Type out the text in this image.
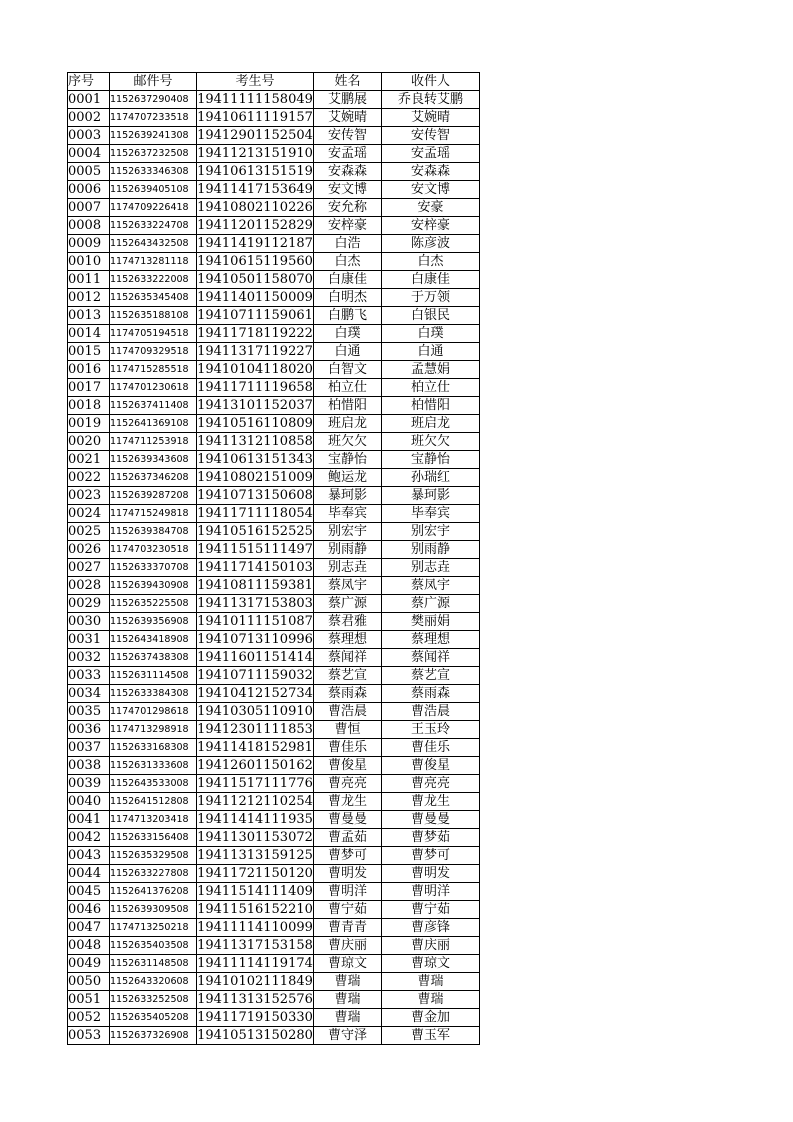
序号	邮件号	考生号	姓名	收件人
0001	1152637290408	19411111158049	艾鹏展	乔良转艾鹏
0002	1174707233518	19410611119157	艾婉晴	艾婉晴
0003	1152639241308	19412901152504	安传智	安传智
0004	1152637232508	19411213151910	安孟瑶	安孟瑶
0005	1152633346308	19410613151519	安森森	安森森
0006	1152639405108	19411417153649	安文博	安文博
0007	1174709226418	19410802110226	安允称	安豪
0008	1152633224708	19411201152829	安梓豪	安梓豪
0009	1152643432508	19411419112187	白浩	陈彦波
0010	1174713281118	19410615119560	白杰	白杰
0011	1152633222008	19410501158070	白康佳	白康佳
0012	1152635345408	19411401150009	白明杰	于万领
0013	1152635188108	19410711159061	白鹏飞	白银民
0014	1174705194518	19411718119222	白璞	白璞
0015	1174709329518	19411317119227	白通	白通
0016	1174715285518	19410104118020	白智文	孟慧娟
0017	1174701230618	19411711119658	柏立仕	柏立仕
0018	1152637411408	19413101152037	柏惜阳	柏惜阳
0019	1152641369108	19410516110809	班启龙	班启龙
0020	1174711253918	19411312110858	班欠欠	班欠欠
0021	1152639343608	19410613151343	宝静怡	宝静怡
0022	1152637346208	19410802151009	鲍运龙	孙瑞红
0023	1152639287208	19410713150608	暴珂影	暴珂影
0024	1174715249818	19411711118054	毕奉宾	毕奉宾
0025	1152639384708	19410516152525	别宏宇	别宏宇
0026	1174703230518	19411515111497	别雨静	别雨静
0027	1152633370708	19411714150103	别志垚	别志垚
0028	1152639430908	19410811159381	蔡凤宇	蔡凤宇
0029	1152635225508	19411317153803	蔡广源	蔡广源
0030	1152639356908	19410111151087	蔡君雅	樊丽娟
0031	1152643418908	19410713110996	蔡理想	蔡理想
0032	1152637438308	19411601151414	蔡闻祥	蔡闻祥
0033	1152631114508	19410711159032	蔡艺宣	蔡艺宣
0034	1152633384308	19410412152734	蔡雨森	蔡雨森
0035	1174701298618	19410305110910	曹浩晨	曹浩晨
0036	1174713298918	19412301111853	曹恒	王玉玲
0037	1152633168308	19411418152981	曹佳乐	曹佳乐
0038	1152631333608	19412601150162	曹俊星	曹俊星
0039	1152643533008	19411517111776	曹亮亮	曹亮亮
0040	1152641512808	19411212110254	曹龙生	曹龙生
0041	1174713203418	19411414111935	曹曼曼	曹曼曼
0042	1152633156408	19411301153072	曹孟茹	曹梦茹
0043	1152635329508	19411313159125	曹梦可	曹梦可
0044	1152633227808	19411721150120	曹明发	曹明发
0045	1152641376208	19411514111409	曹明洋	曹明洋
0046	1152639309508	19411516152210	曹宁茹	曹宁茹
0047	1174713250218	19411114110099	曹青青	曹彦锋
0048	1152635403508	19411317153158	曹庆丽	曹庆丽
0049	1152631148508	19411114119174	曹琼文	曹琼文
0050	1152643320608	19410102111849	曹瑞	曹瑞
0051	1152633252508	19411313152576	曹瑞	曹瑞
0052	1152635405208	19411719150330	曹瑞	曹金加
0053	1152637326908	19410513150280	曹守泽	曹玉军
